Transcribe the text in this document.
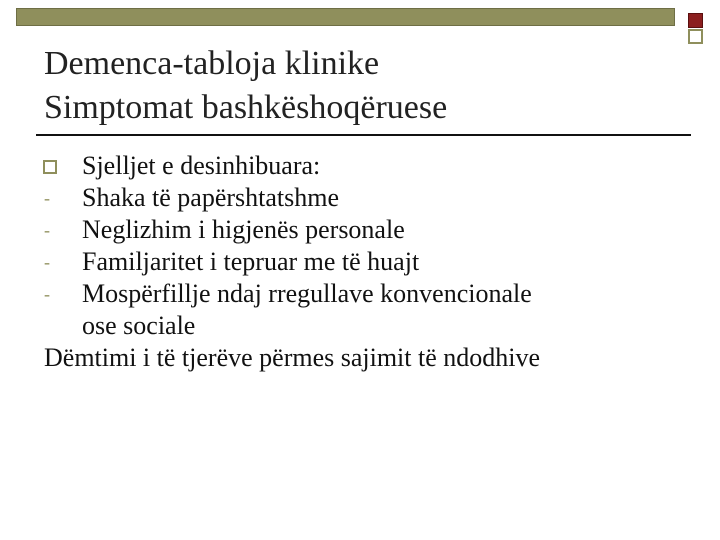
Demenca-tabloja klinike
Simptomat bashkëshoqëruese
Sjelljet e desinhibuara:
- Shaka të papërshtatshme
- Neglizhim i higjenës personale
- Familjaritet i tepruar me të huajt
- Mospërfillje ndaj rregullave konvencionale
ose sociale
Dëmtimi i të tjerëve përmes sajimit të ndodhive
